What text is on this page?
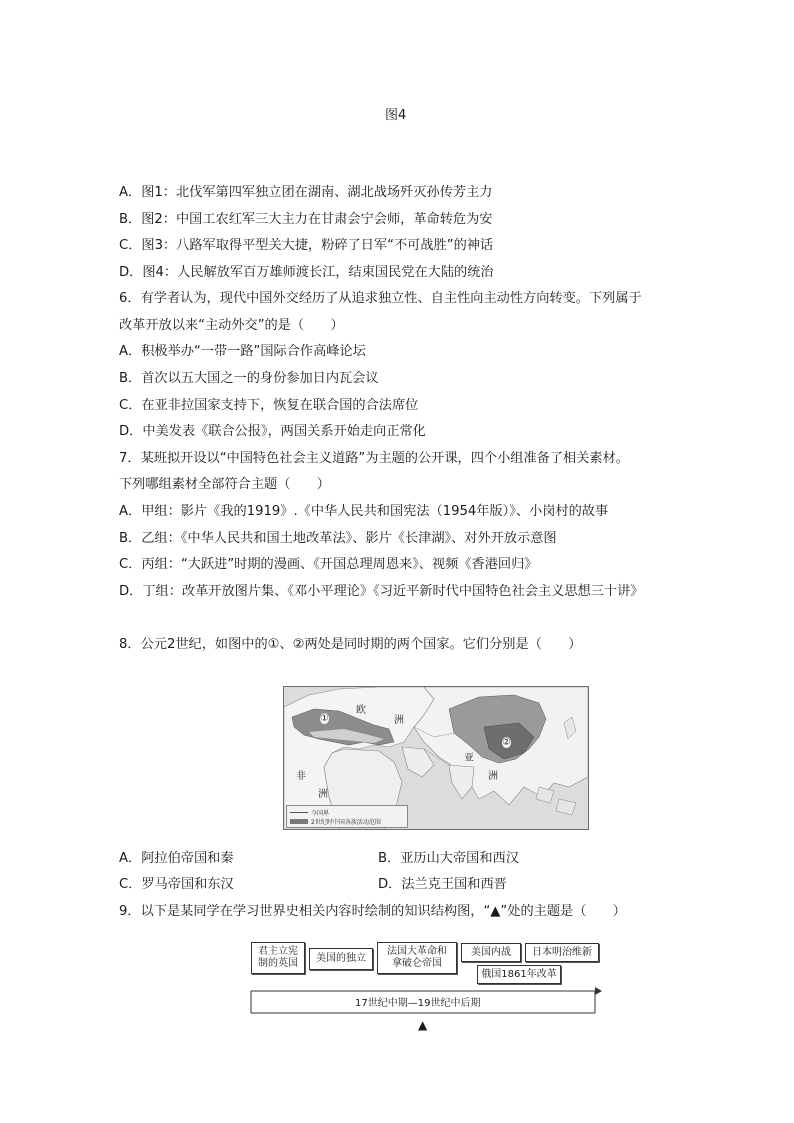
图4
A．图1：北伐军第四军独立团在湖南、湖北战场歼灭孙传芳主力
B．图2：中国工农红军三大主力在甘肃会宁会师，革命转危为安
C．图3：八路军取得平型关大捷，粉碎了日军“不可战胜”的神话
D．图4：人民解放军百万雄师渡长江，结束国民党在大陆的统治
6．有学者认为，现代中国外交经历了从追求独立性、自主性向主动性方向转变。下列属于
改革开放以来“主动外交”的是（　　）
A．积极举办“一带一路”国际合作高峰论坛
B．首次以五大国之一的身份参加日内瓦会议
C．在亚非拉国家支持下，恢复在联合国的合法席位
D．中美发表《联合公报》，两国关系开始走向正常化
7．某班拟开设以“中国特色社会主义道路”为主题的公开课，四个小组准备了相关素材。
下列哪组素材全部符合主题（　　）
A．甲组：影片《我的1919》.《中华人民共和国宪法（1954年版）》、小岗村的故事
B．乙组：《中华人民共和国土地改革法》、影片《长津湖》、对外开放示意图
C．丙组：“大跃进”时期的漫画、《开国总理周恩来》、视频《香港回归》
D．丁组：改革开放图片集、《邓小平理论》《习近平新时代中国特色社会主义思想三十讲》
8．公元2世纪，如图中的①、②两处是同时期的两个国家。它们分别是（　　）
欧
洲
亚
洲
非
洲
①
②
今国界
2世纪时中国各族活动范围
A．阿拉伯帝国和秦	B．亚历山大帝国和西汉
C．罗马帝国和东汉	D．法兰克王国和西晋
9．以下是某同学在学习世界史相关内容时绘制的知识结构图，“▲”处的主题是（　　）
君主立宪
制的英国 美国的独立
法国大革命和
拿破仑帝国
美国内战 日本明治维新
俄国1861年改革
17世纪中期—19世纪中后期
▲
